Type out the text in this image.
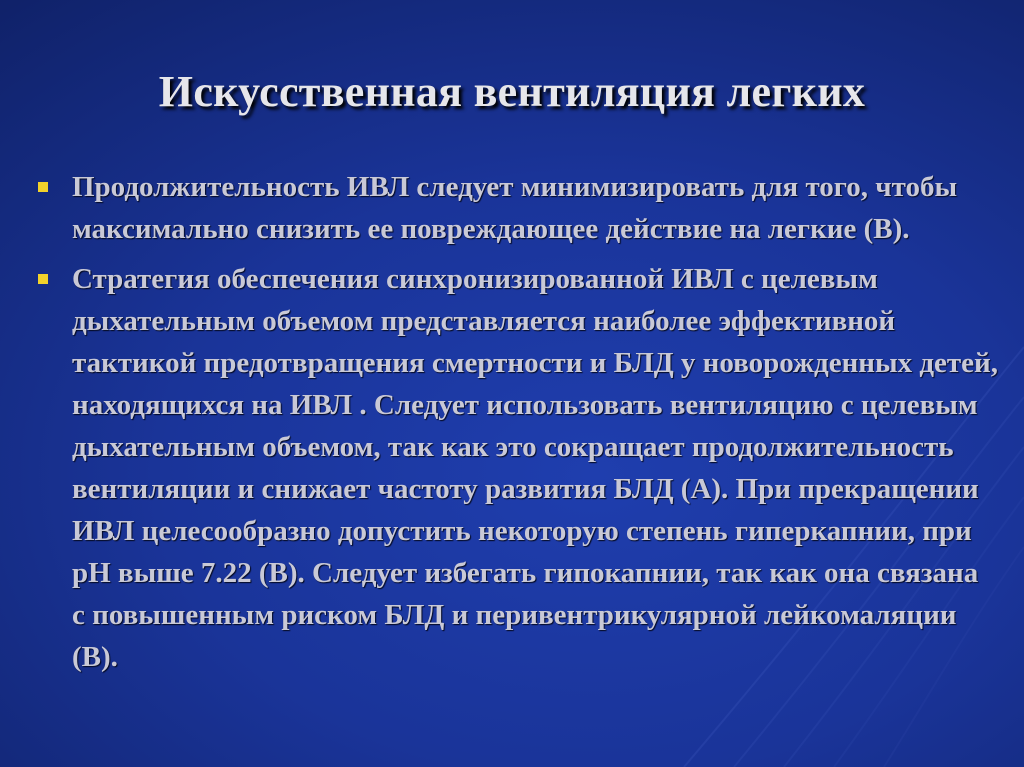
Искусственная вентиляция легких
Продолжительность ИВЛ следует минимизировать для того, чтобы максимально снизить ее повреждающее действие на легкие (B).
Стратегия обеспечения синхронизированной ИВЛ с целевым дыхательным объемом представляется наиболее эффективной тактикой предотвращения смертности и БЛД у новорожденных детей, находящихся на ИВЛ . Следует использовать вентиляцию с целевым дыхательным объемом, так как это сокращает продолжительность вентиляции и снижает частоту развития БЛД (A). При прекращении ИВЛ целесообразно допустить некоторую степень гиперкапнии, при pH выше 7.22 (B). Следует избегать гипокапнии, так как она связана с повышенным риском БЛД и перивентрикулярной лейкомаляции (B).
